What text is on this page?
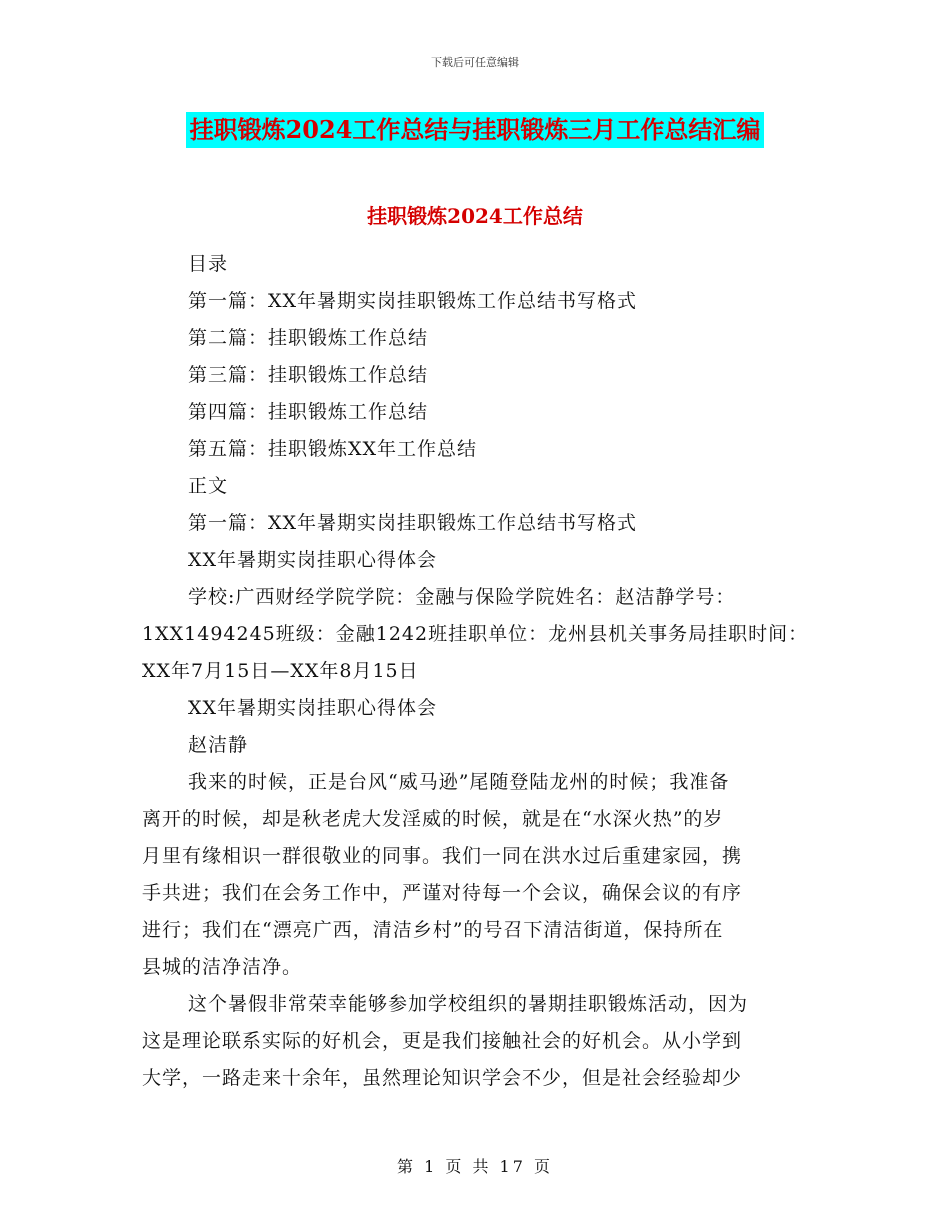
下载后可任意编辑
挂职锻炼2024工作总结与挂职锻炼三月工作总结汇编
挂职锻炼2024工作总结
目录
第一篇：XX年暑期实岗挂职锻炼工作总结书写格式
第二篇：挂职锻炼工作总结
第三篇：挂职锻炼工作总结
第四篇：挂职锻炼工作总结
第五篇：挂职锻炼XX年工作总结
正文
第一篇：XX年暑期实岗挂职锻炼工作总结书写格式
XX年暑期实岗挂职心得体会
学校:广西财经学院学院：金融与保险学院姓名：赵洁静学号：
1XX1494245班级：金融1242班挂职单位：龙州县机关事务局挂职时间：
XX年7月15日—XX年8月15日
XX年暑期实岗挂职心得体会
赵洁静
我来的时候，正是台风“威马逊”尾随登陆龙州的时候；我准备
离开的时候，却是秋老虎大发淫威的时候，就是在“水深火热”的岁
月里有缘相识一群很敬业的同事。我们一同在洪水过后重建家园，携
手共进；我们在会务工作中，严谨对待每一个会议，确保会议的有序
进行；我们在“漂亮广西，清洁乡村”的号召下清洁街道，保持所在
县城的洁净洁净。
这个暑假非常荣幸能够参加学校组织的暑期挂职锻炼活动，因为
这是理论联系实际的好机会，更是我们接触社会的好机会。从小学到
大学，一路走来十余年，虽然理论知识学会不少，但是社会经验却少
第 1 页 共 17 页
